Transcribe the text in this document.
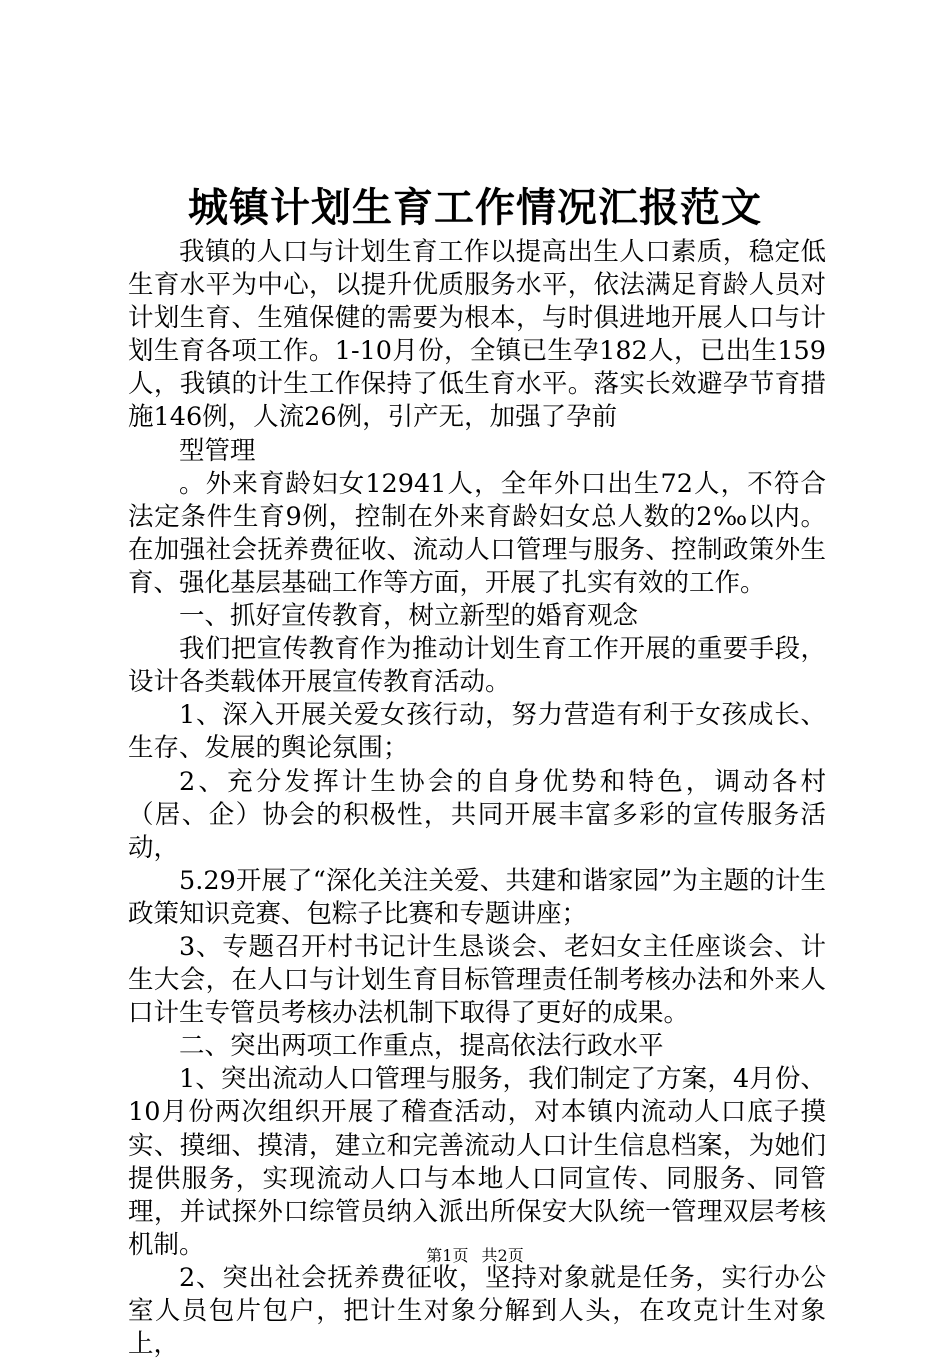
城镇计划生育工作情况汇报范文

我镇的人口与计划生育工作以提高出生人口素质，稳定低生育水平为中心，以提升优质服务水平，依法满足育龄人员对计划生育、生殖保健的需要为根本，与时俱进地开展人口与计划生育各项工作。1-10月份，全镇已生孕182人，已出生159人，我镇的计生工作保持了低生育水平。落实长效避孕节育措施146例，人流26例，引产无，加强了孕前

型管理

。外来育龄妇女12941人，全年外口出生72人，不符合法定条件生育9例，控制在外来育龄妇女总人数的2‰以内。在加强社会抚养费征收、流动人口管理与服务、控制政策外生育、强化基层基础工作等方面，开展了扎实有效的工作。

一、抓好宣传教育，树立新型的婚育观念

我们把宣传教育作为推动计划生育工作开展的重要手段，设计各类载体开展宣传教育活动。

1、深入开展关爱女孩行动，努力营造有利于女孩成长、生存、发展的舆论氛围；

2、充分发挥计生协会的自身优势和特色，调动各村（居、企）协会的积极性，共同开展丰富多彩的宣传服务活动，

5.29开展了“深化关注关爱、共建和谐家园”为主题的计生政策知识竞赛、包粽子比赛和专题讲座；

3、专题召开村书记计生恳谈会、老妇女主任座谈会、计生大会，在人口与计划生育目标管理责任制考核办法和外来人口计生专管员考核办法机制下取得了更好的成果。

二、突出两项工作重点，提高依法行政水平

1、突出流动人口管理与服务，我们制定了方案，4月份、10月份两次组织开展了稽查活动，对本镇内流动人口底子摸实、摸细、摸清，建立和完善流动人口计生信息档案，为她们提供服务，实现流动人口与本地人口同宣传、同服务、同管理，并试探外口综管员纳入派出所保安大队统一管理双层考核机制。

2、突出社会抚养费征收，坚持对象就是任务，实行办公室人员包片包户，把计生对象分解到人头，在攻克计生对象上，

第1页 共2页
